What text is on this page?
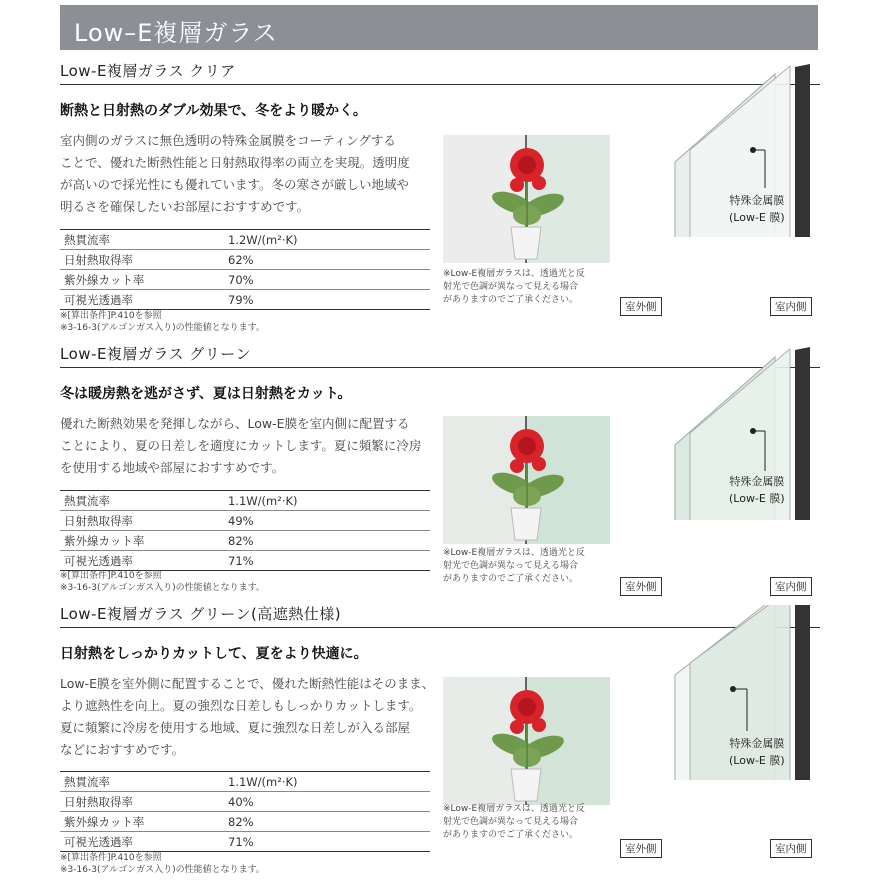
Low–E複層ガラス
Low-E複層ガラス クリア
断熱と日射熱のダブル効果で、冬をより暖かく。
室内側のガラスに無色透明の特殊金属膜をコーティングする
ことで、優れた断熱性能と日射熱取得率の両立を実現。透明度
が高いので採光性にも優れています。冬の寒さが厳しい地域や
明るさを確保したいお部屋におすすめです。
熱貫流率	1.2W/(m²·K)
日射熱取得率	62%
紫外線カット率	70%
可視光透過率	79%
※[算出条件]P.410を参照
※3-16-3(アルゴンガス入り)の性能値となります。
※Low-E複層ガラスは、透過光と反
射光で色調が異なって見える場合
がありますのでご了承ください。
特殊金属膜
(Low-E 膜)
室外側	室内側
Low-E複層ガラス グリーン
冬は暖房熱を逃がさず、夏は日射熱をカット。
優れた断熱効果を発揮しながら、Low-E膜を室内側に配置する
ことにより、夏の日差しを適度にカットします。夏に頻繁に冷房
を使用する地域や部屋におすすめです。
熱貫流率	1.1W/(m²·K)
日射熱取得率	49%
紫外線カット率	82%
可視光透過率	71%
※[算出条件]P.410を参照
※3-16-3(アルゴンガス入り)の性能値となります。
※Low-E複層ガラスは、透過光と反
射光で色調が異なって見える場合
がありますのでご了承ください。
特殊金属膜
(Low-E 膜)
室外側	室内側
Low-E複層ガラス グリーン(高遮熱仕様)
日射熱をしっかりカットして、夏をより快適に。
Low-E膜を室外側に配置することで、優れた断熱性能はそのまま、
より遮熱性を向上。夏の強烈な日差しもしっかりカットします。
夏に頻繁に冷房を使用する地域、夏に強烈な日差しが入る部屋
などにおすすめです。
熱貫流率	1.1W/(m²·K)
日射熱取得率	40%
紫外線カット率	82%
可視光透過率	71%
※[算出条件]P.410を参照
※3-16-3(アルゴンガス入り)の性能値となります。
※Low-E複層ガラスは、透過光と反
射光で色調が異なって見える場合
がありますのでご了承ください。
特殊金属膜
(Low-E 膜)
室外側	室内側
